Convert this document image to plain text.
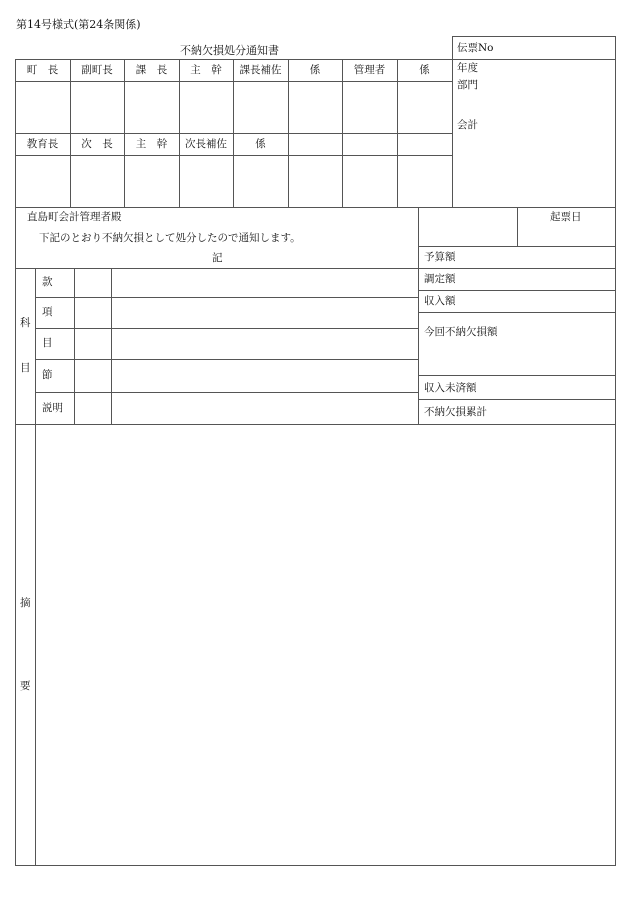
第14号様式(第24条関係)
不納欠損処分通知書	伝票No
年度
部門
会計
町　長	副町長	課　長	主　幹	課長補佐	係	管理者	係
教育長	次　長	主　幹	次長補佐	係
直島町会計管理者殿
下記のとおり不納欠損として処分したので通知します。
記
起票日
予算額
調定額
収入額
今回不納欠損額
収入未済額
不納欠損累計
科
目
款
項
目
節
説明
摘
要
